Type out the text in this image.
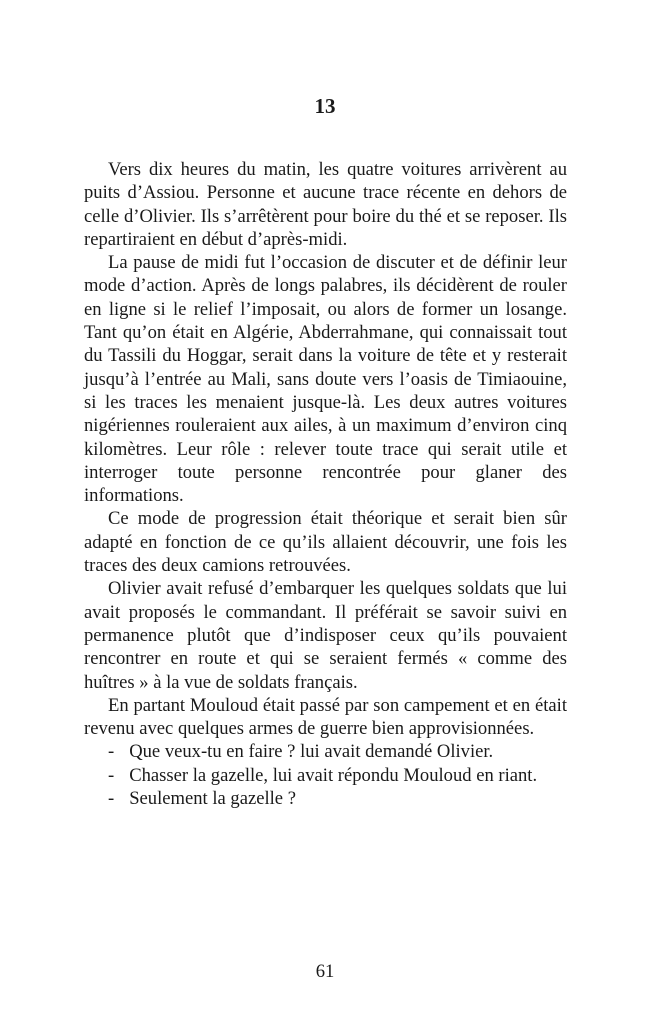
13

Vers dix heures du matin, les quatre voitures arrivèrent au puits d’Assiou. Personne et aucune trace récente en dehors de celle d’Olivier. Ils s’arrêtèrent pour boire du thé et se reposer. Ils repartiraient en début d’après-midi.

La pause de midi fut l’occasion de discuter et de définir leur mode d’action. Après de longs palabres, ils décidèrent de rouler en ligne si le relief l’imposait, ou alors de former un losange. Tant qu’on était en Algérie, Abderrahmane, qui connaissait tout du Tassili du Hoggar, serait dans la voiture de tête et y resterait jusqu’à l’entrée au Mali, sans doute vers l’oasis de Timiaouine, si les traces les menaient jusque-là. Les deux autres voitures nigériennes rouleraient aux ailes, à un maximum d’environ cinq kilomètres. Leur rôle : relever toute trace qui serait utile et interroger toute personne rencontrée pour glaner des informations.

Ce mode de progression était théorique et serait bien sûr adapté en fonction de ce qu’ils allaient découvrir, une fois les traces des deux camions retrouvées.

Olivier avait refusé d’embarquer les quelques soldats que lui avait proposés le commandant. Il préférait se savoir suivi en permanence plutôt que d’indisposer ceux qu’ils pouvaient rencontrer en route et qui se seraient fermés « comme des huîtres » à la vue de soldats français.

En partant Mouloud était passé par son campement et en était revenu avec quelques armes de guerre bien approvisionnées.

- Que veux-tu en faire ? lui avait demandé Olivier.

- Chasser la gazelle, lui avait répondu Mouloud en riant.

- Seulement la gazelle ?

61
